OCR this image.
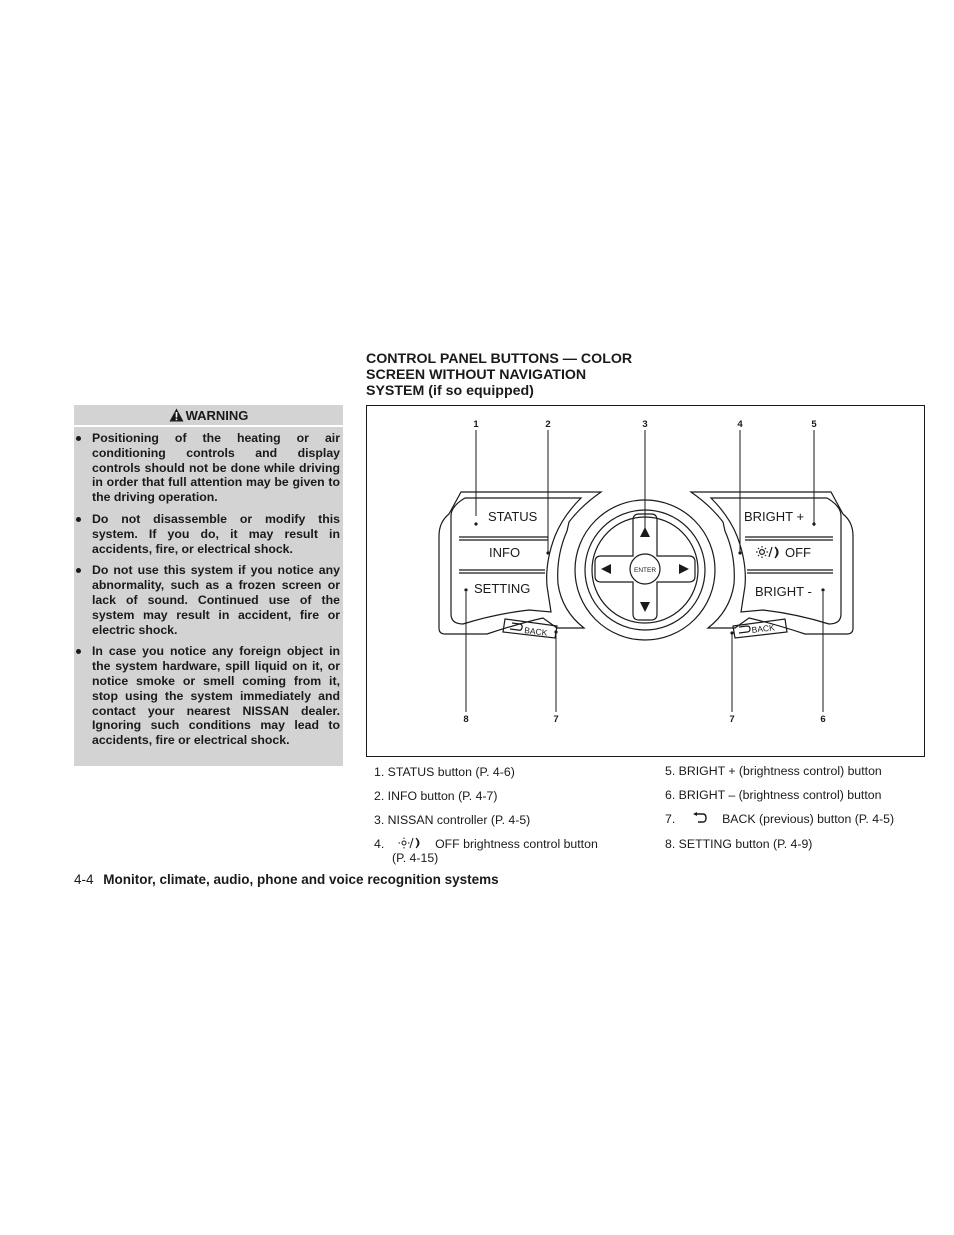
CONTROL PANEL BUTTONS — COLOR
SCREEN WITHOUT NAVIGATION
SYSTEM (if so equipped)
WARNING
Positioning of the heating or air conditioning controls and display controls should not be done while driving in order that full attention may be given to the driving operation.
Do not disassemble or modify this system. If you do, it may result in accidents, fire, or electrical shock.
Do not use this system if you notice any abnormality, such as a frozen screen or lack of sound. Continued use of the system may result in accident, fire or electric shock.
In case you notice any foreign object in the system hardware, spill liquid on it, or notice smoke or smell coming from it, stop using the system immediately and contact your nearest NISSAN dealer. Ignoring such conditions may lead to accidents, fire or electrical shock.
1	2	3	4	5
8	7	7	6
STATUS
INFO
SETTING
BRIGHT +
OFF
BRIGHT -
BACK	BACK
ENTER
1. STATUS button (P. 4-6)
2. INFO button (P. 4-7)
3. NISSAN controller (P. 4-5)
4.	OFF brightness control button
(P. 4-15)
5. BRIGHT + (brightness control) button
6. BRIGHT – (brightness control) button
7.	BACK (previous) button (P. 4-5)
8. SETTING button (P. 4-9)
4-4 Monitor, climate, audio, phone and voice recognition systems
